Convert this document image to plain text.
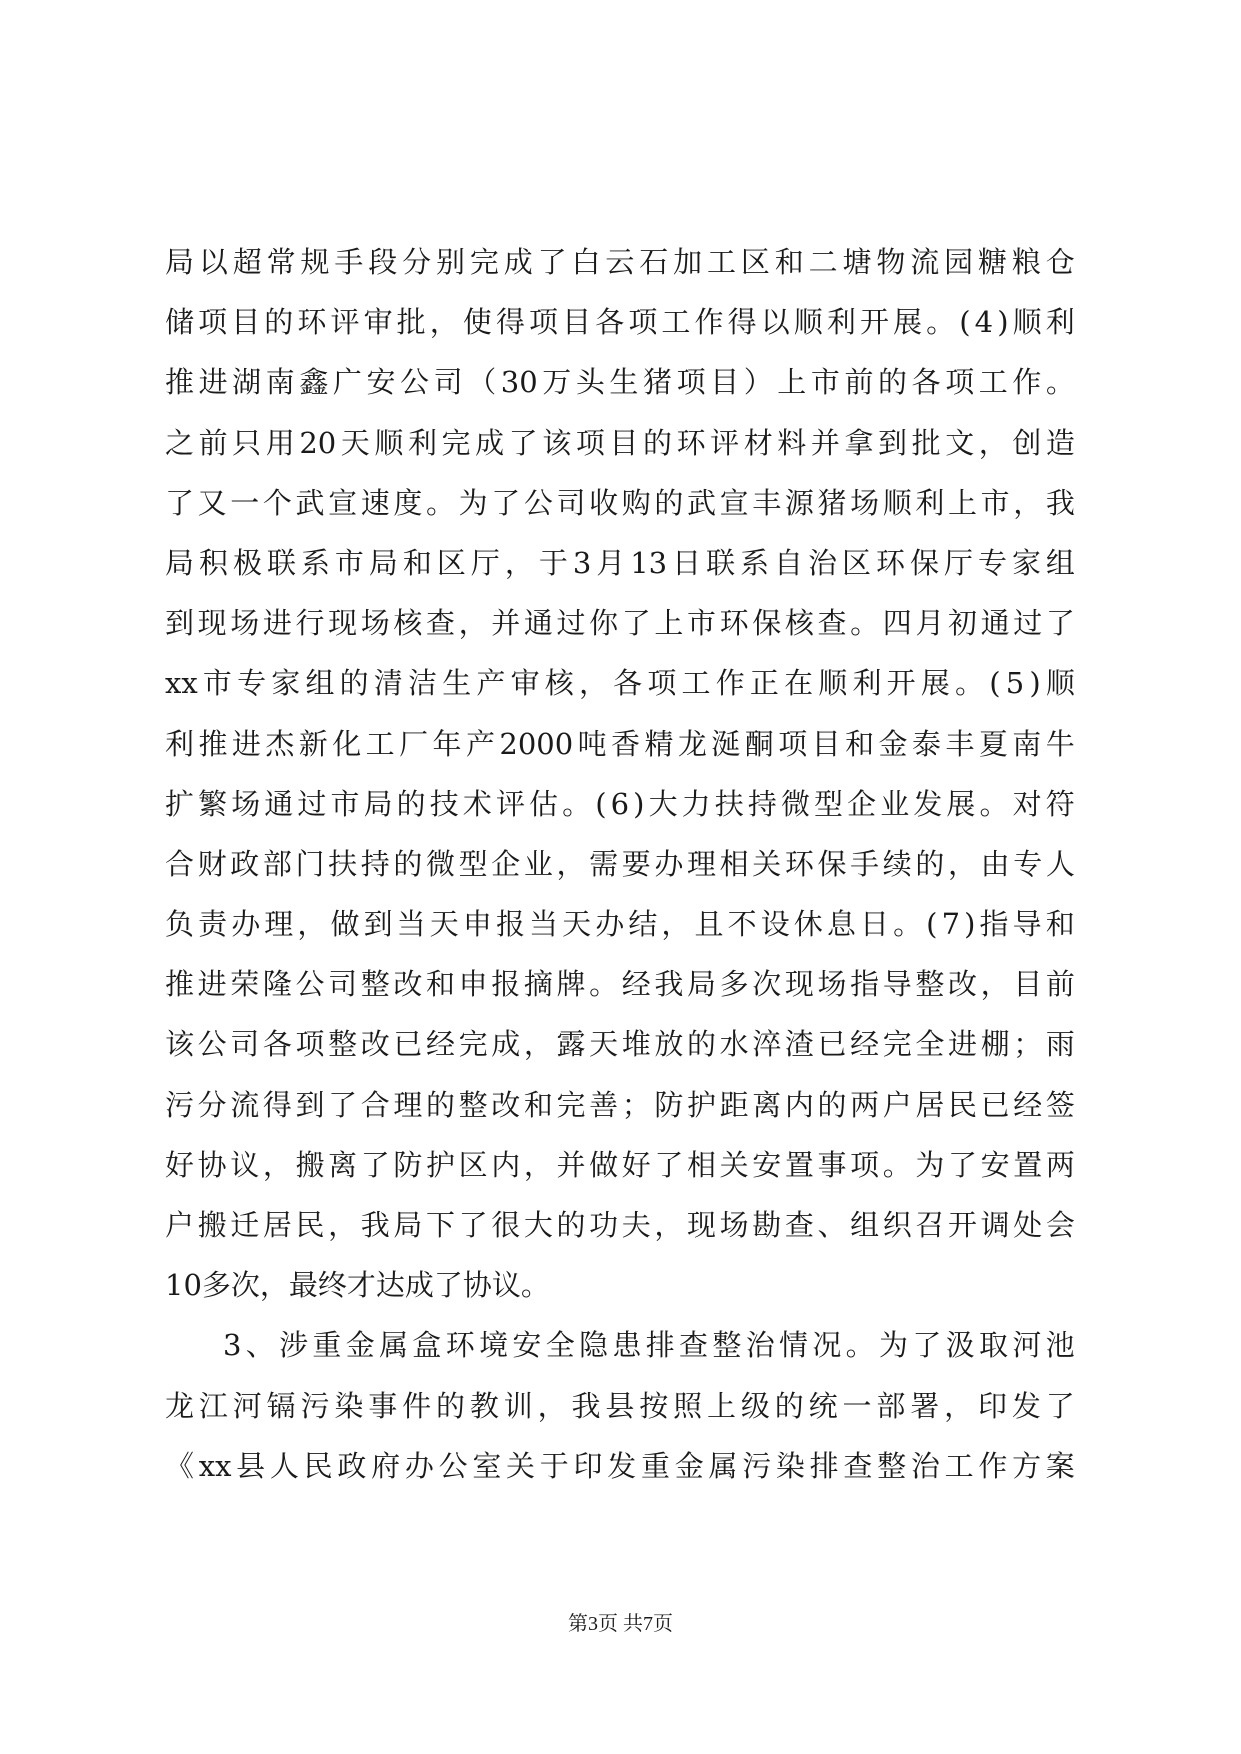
局 以 超 常 规 手 段 分 别 完 成 了 白 云 石 加 工 区 和 二 塘 物 流 园 糖 粮 仓
储 项 目 的 环 评 审 批 ， 使 得 项 目 各 项 工 作 得 以 顺 利 开 展 。 ( 4 ) 顺 利
推 进 湖 南 鑫 广 安 公 司 （ 30 万 头 生 猪 项 目 ） 上 市 前 的 各 项 工 作 。
之 前 只 用 20 天 顺 利 完 成 了 该 项 目 的 环 评 材 料 并 拿 到 批 文 ， 创 造
了 又 一 个 武 宣 速 度 。 为 了 公 司 收 购 的 武 宣 丰 源 猪 场 顺 利 上 市 ， 我
局 积 极 联 系 市 局 和 区 厅 ， 于 3 月 13 日 联 系 自 治 区 环 保 厅 专 家 组
到 现 场 进 行 现 场 核 查 ， 并 通 过 你 了 上 市 环 保 核 查 。 四 月 初 通 过 了
xx 市 专 家 组 的 清 洁 生 产 审 核 ， 各 项 工 作 正 在 顺 利 开 展 。 ( 5 ) 顺
利 推 进 杰 新 化 工 厂 年 产 2000 吨 香 精 龙 涎 酮 项 目 和 金 泰 丰 夏 南 牛
扩 繁 场 通 过 市 局 的 技 术 评 估 。 ( 6 ) 大 力 扶 持 微 型 企 业 发 展 。 对 符
合 财 政 部 门 扶 持 的 微 型 企 业 ， 需 要 办 理 相 关 环 保 手 续 的 ， 由 专 人
负 责 办 理 ， 做 到 当 天 申 报 当 天 办 结 ， 且 不 设 休 息 日 。 ( 7 ) 指 导 和
推 进 荣 隆 公 司 整 改 和 申 报 摘 牌 。 经 我 局 多 次 现 场 指 导 整 改 ， 目 前
该 公 司 各 项 整 改 已 经 完 成 ， 露 天 堆 放 的 水 淬 渣 已 经 完 全 进 棚 ； 雨
污 分 流 得 到 了 合 理 的 整 改 和 完 善 ； 防 护 距 离 内 的 两 户 居 民 已 经 签
好 协 议 ， 搬 离 了 防 护 区 内 ， 并 做 好 了 相 关 安 置 事 项 。 为 了 安 置 两
户 搬 迁 居 民 ， 我 局 下 了 很 大 的 功 夫 ， 现 场 勘 查 、 组 织 召 开 调 处 会
10多次，最终才达成了协议。
3 、 涉 重 金 属 盒 环 境 安 全 隐 患 排 查 整 治 情 况 。 为 了 汲 取 河 池
龙 江 河 镉 污 染 事 件 的 教 训 ， 我 县 按 照 上 级 的 统 一 部 署 ， 印 发 了
《 xx 县 人 民 政 府 办 公 室 关 于 印 发 重 金 属 污 染 排 查 整 治 工 作 方 案
第3页 共7页
